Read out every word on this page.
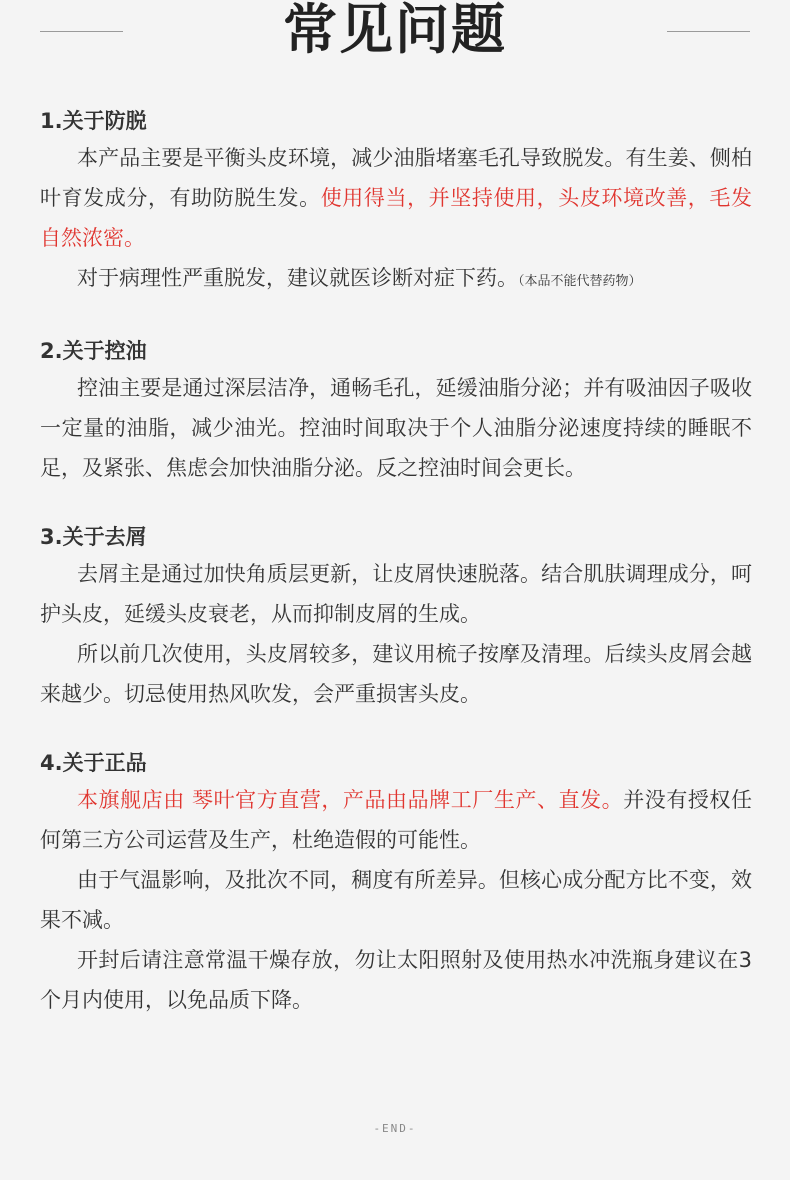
常见问题
1.关于防脱

本产品主要是平衡头皮环境，减少油脂堵塞毛孔导致脱发。有生姜、侧柏叶育发成分，有助防脱生发。使用得当，并坚持使用，头皮环境改善，毛发自然浓密。

对于病理性严重脱发，建议就医诊断对症下药。（本品不能代替药物）

2.关于控油

控油主要是通过深层洁净，通畅毛孔，延缓油脂分泌；并有吸油因子吸收一定量的油脂，减少油光。控油时间取决于个人油脂分泌速度持续的睡眠不足，及紧张、焦虑会加快油脂分泌。反之控油时间会更长。

3.关于去屑

去屑主是通过加快角质层更新，让皮屑快速脱落。结合肌肤调理成分，呵护头皮，延缓头皮衰老，从而抑制皮屑的生成。

所以前几次使用，头皮屑较多，建议用梳子按摩及清理。后续头皮屑会越来越少。切忌使用热风吹发，会严重损害头皮。

4.关于正品

本旗舰店由 琴叶官方直营，产品由品牌工厂生产、直发。并没有授权任何第三方公司运营及生产，杜绝造假的可能性。

由于气温影响，及批次不同，稠度有所差异。但核心成分配方比不变，效果不减。

开封后请注意常温干燥存放，勿让太阳照射及使用热水冲洗瓶身建议在3个月内使用，以免品质下降。

-END-
